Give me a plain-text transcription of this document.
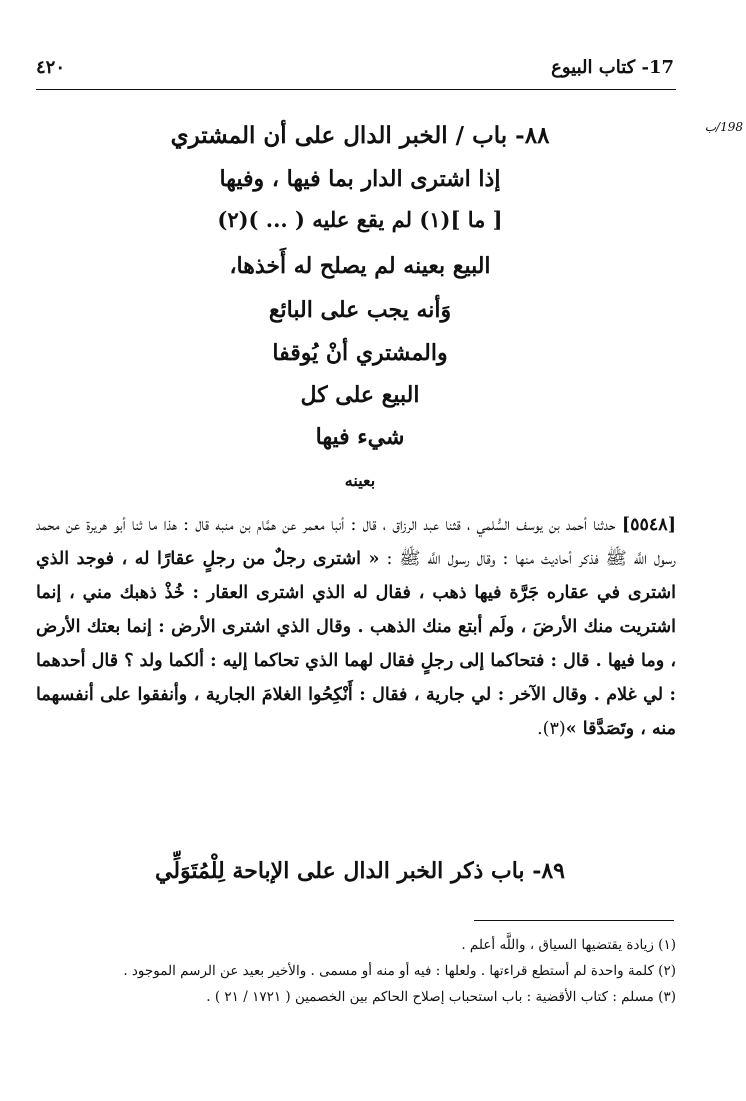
17- كتاب البيوع
٤٢٠
198/ب
٨٨- باب / الخبر الدال على أن المشتري
إذا اشترى الدار بما فيها ، وفيها
[ ما ](١) لم يقع عليه ( ... )(٢)
البيع بعينه لم يصلح له أَخذها،
وَأنه يجب على البائع
والمشتري أنْ يُوقفا
البيع على كل
شيء فيها
بعينه
[٥٥٤٨] حدثنا أحمد بن يوسف السُّلمي ، قثنا عبد الرزاق ، قال : أنبا معمر عن همَّام بن منبه قال : هذا ما ثنا أبو هريرة عن محمد رسول اللَّه ﷺ فذكر أحاديث منها : وقال رسول اللَّه ﷺ : « اشترى رجلٌ من رجلٍ عقارًا له ، فوجد الذي اشترى في عقاره جَرَّة فيها ذهب ، فقال له الذي اشترى العقار : خُذْ ذهبك مني ، إنما اشتريت منك الأرضَ ، ولَم أبتع منك الذهب . وقال الذي اشترى الأرض : إنما بعتك الأرض ، وما فيها . قال : فتحاكما إلى رجلٍ فقال لهما الذي تحاكما إليه : ألكما ولد ؟ قال أحدهما : لي غلام . وقال الآخر : لي جارية ، فقال : أَنْكِحُوا الغلامَ الجارية ، وأنفقوا على أنفسهما منه ، وتَصَدَّقا »(٣).
٨٩- باب ذكر الخبر الدال على الإباحة لِلْمُتَوَلِّي
(١) زيادة يقتضيها السياق ، واللَّه أعلم .
(٢) كلمة واحدة لم أستطع قراءتها . ولعلها : فيه أو منه أو مسمى . والأخير بعيد عن الرسم الموجود .
(٣) مسلم : كتاب الأقضية : باب استحباب إصلاح الحاكم بين الخصمين ( ١٧٢١ / ٢١ ) .
